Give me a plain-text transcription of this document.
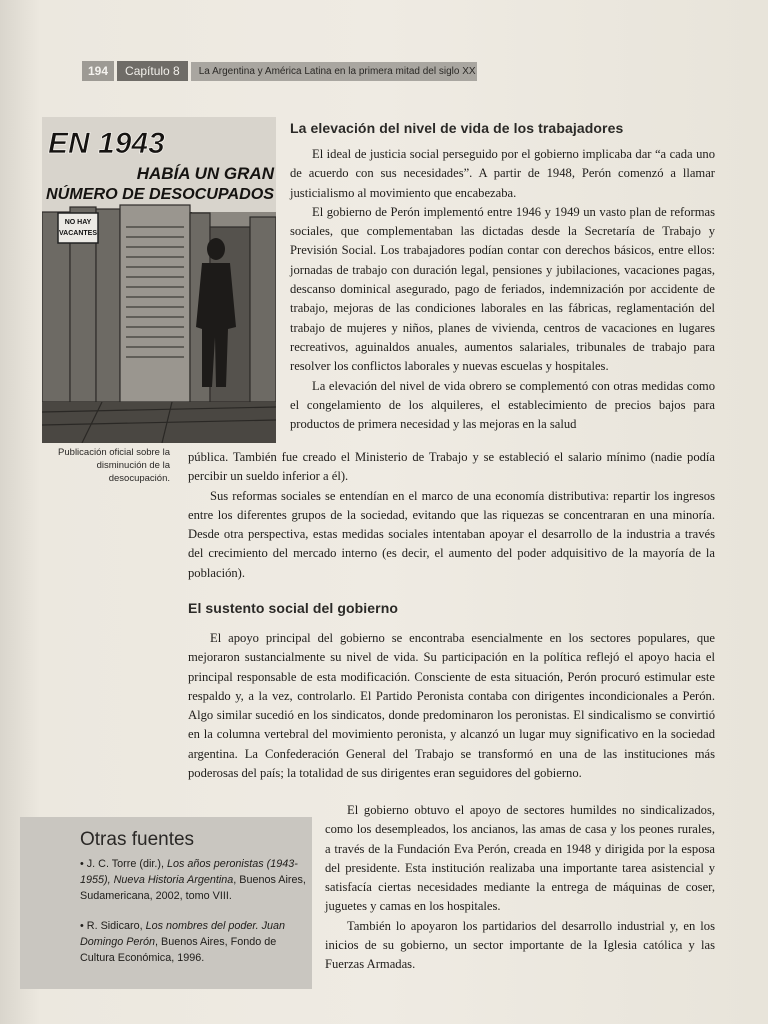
194	Capítulo 8	La Argentina y América Latina en la primera mitad del siglo XX
NO HAY
VACANTES
EN 1943
HABÍA UN GRAN
NÚMERO DE DESOCUPADOS
Publicación oficial sobre la disminución de la desocupación.
La elevación del nivel de vida de los trabajadores

El ideal de justicia social perseguido por el gobierno implicaba dar “a cada uno de acuerdo con sus necesidades”. A partir de 1948, Perón comenzó a llamar justicialismo al movimiento que encabezaba.

El gobierno de Perón implementó entre 1946 y 1949 un vasto plan de reformas sociales, que complementaban las dictadas desde la Secretaría de Trabajo y Previsión Social. Los trabajadores podían contar con derechos básicos, entre ellos: jornadas de trabajo con duración legal, pensiones y jubilaciones, vacaciones pagas, descanso dominical asegurado, pago de feriados, indemnización por accidente de trabajo, mejoras de las condiciones laborales en las fábricas, reglamentación del trabajo de mujeres y niños, planes de vivienda, centros de vacaciones en lugares recreativos, aguinaldos anuales, aumentos salariales, tribunales de trabajo para resolver los conflictos laborales y nuevas escuelas y hospitales.

La elevación del nivel de vida obrero se complementó con otras medidas como el congelamiento de los alquileres, el establecimiento de precios bajos para productos de primera necesidad y las mejoras en la salud

pública. También fue creado el Ministerio de Trabajo y se estableció el salario mínimo (nadie podía percibir un sueldo inferior a él).

Sus reformas sociales se entendían en el marco de una economía distributiva: repartir los ingresos entre los diferentes grupos de la sociedad, evitando que las riquezas se concentraran en una minoría. Desde otra perspectiva, estas medidas sociales intentaban apoyar el desarrollo de la industria a través del crecimiento del mercado interno (es decir, el aumento del poder adquisitivo de la mayoría de la población).

El sustento social del gobierno

El apoyo principal del gobierno se encontraba esencialmente en los sectores populares, que mejoraron sustancialmente su nivel de vida. Su participación en la política reflejó el apoyo hacia el principal responsable de esta modificación. Consciente de esta situación, Perón procuró estimular este respaldo y, a la vez, controlarlo. El Partido Peronista contaba con dirigentes incondicionales a Perón. Algo similar sucedió en los sindicatos, donde predominaron los peronistas. El sindicalismo se convirtió en la columna vertebral del movimiento peronista, y alcanzó un lugar muy significativo en la sociedad argentina. La Confederación General del Trabajo se transformó en una de las instituciones más poderosas del país; la totalidad de sus dirigentes eran seguidores del gobierno.

El gobierno obtuvo el apoyo de sectores humildes no sindicalizados, como los desempleados, los ancianos, las amas de casa y los peones rurales, a través de la Fundación Eva Perón, creada en 1948 y dirigida por la esposa del presidente. Esta institución realizaba una importante tarea asistencial y satisfacía ciertas necesidades mediante la entrega de máquinas de coser, juguetes y camas en los hospitales.

También lo apoyaron los partidarios del desarrollo industrial y, en los inicios de su gobierno, un sector importante de la Iglesia católica y las Fuerzas Armadas.

Otras fuentes
• J. C. Torre (dir.), Los años peronistas (1943-1955), Nueva Historia Argentina, Buenos Aires, Sudamericana, 2002, tomo VIII.
• R. Sidicaro, Los nombres del poder. Juan Domingo Perón, Buenos Aires, Fondo de Cultura Económica, 1996.
